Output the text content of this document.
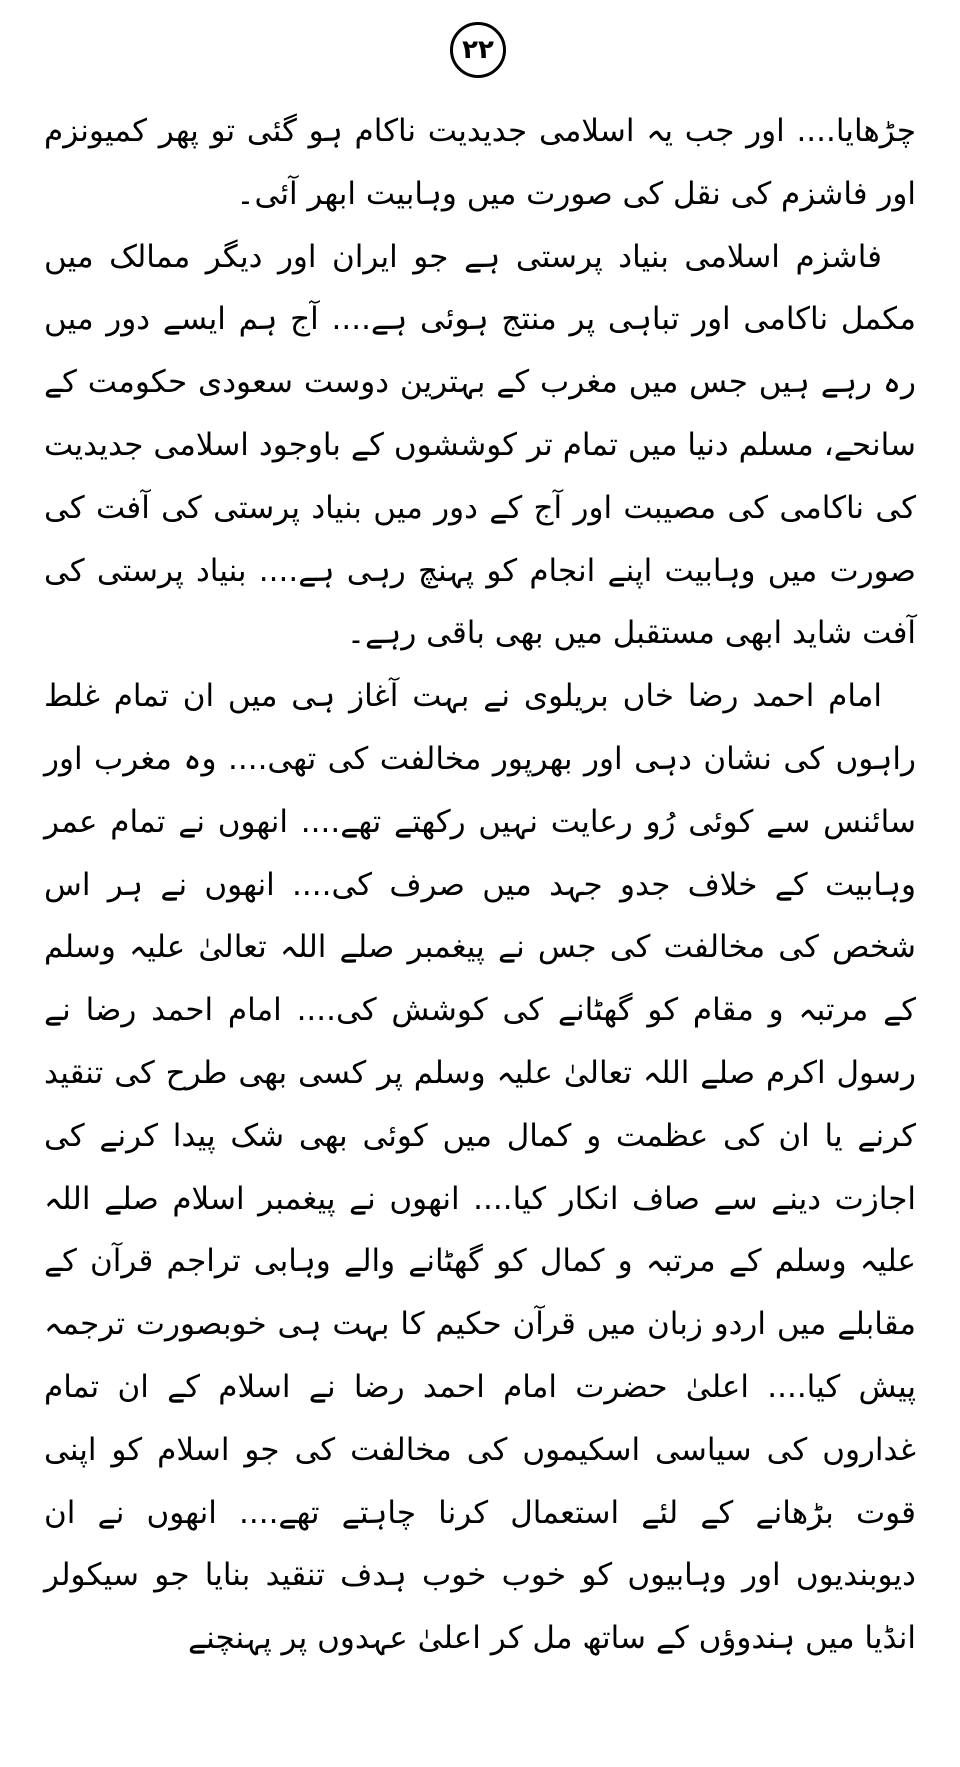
۲۲

چڑھایا.... اور جب یہ اسلامی جدیدیت ناکام ہو گئی تو پھر کمیونزم اور فاشزم کی نقل کی صورت میں وہابیت ابھر آئی۔

فاشزم اسلامی بنیاد پرستی ہے جو ایران اور دیگر ممالک میں مکمل ناکامی اور تباہی پر منتج ہوئی ہے.... آج ہم ایسے دور میں رہ رہے ہیں جس میں مغرب کے بہترین دوست سعودی حکومت کے سانحے، مسلم دنیا میں تمام تر کوششوں کے باوجود اسلامی جدیدیت کی ناکامی کی مصیبت اور آج کے دور میں بنیاد پرستی کی آفت کی صورت میں وہابیت اپنے انجام کو پہنچ رہی ہے.... بنیاد پرستی کی آفت شاید ابھی مستقبل میں بھی باقی رہے۔

امام احمد رضا خاں بریلوی نے بہت آغاز ہی میں ان تمام غلط راہوں کی نشان دہی اور بھرپور مخالفت کی تھی.... وہ مغرب اور سائنس سے کوئی رُو رعایت نہیں رکھتے تھے.... انھوں نے تمام عمر وہابیت کے خلاف جدو جہد میں صرف کی.... انھوں نے ہر اس شخص کی مخالفت کی جس نے پیغمبر صلے اللہ تعالیٰ علیہ وسلم کے مرتبہ و مقام کو گھٹانے کی کوشش کی.... امام احمد رضا نے رسول اکرم صلے اللہ تعالیٰ علیہ وسلم پر کسی بھی طرح کی تنقید کرنے یا ان کی عظمت و کمال میں کوئی بھی شک پیدا کرنے کی اجازت دینے سے صاف انکار کیا.... انھوں نے پیغمبر اسلام صلے اللہ علیہ وسلم کے مرتبہ و کمال کو گھٹانے والے وہابی تراجم قرآن کے مقابلے میں اردو زبان میں قرآن حکیم کا بہت ہی خوبصورت ترجمہ پیش کیا.... اعلیٰ حضرت امام احمد رضا نے اسلام کے ان تمام غداروں کی سیاسی اسکیموں کی مخالفت کی جو اسلام کو اپنی قوت بڑھانے کے لئے استعمال کرنا چاہتے تھے.... انھوں نے ان دیوبندیوں اور وہابیوں کو خوب خوب ہدف تنقید بنایا جو سیکولر انڈیا میں ہندوؤں کے ساتھ مل کر اعلیٰ عہدوں پر پہنچنے
